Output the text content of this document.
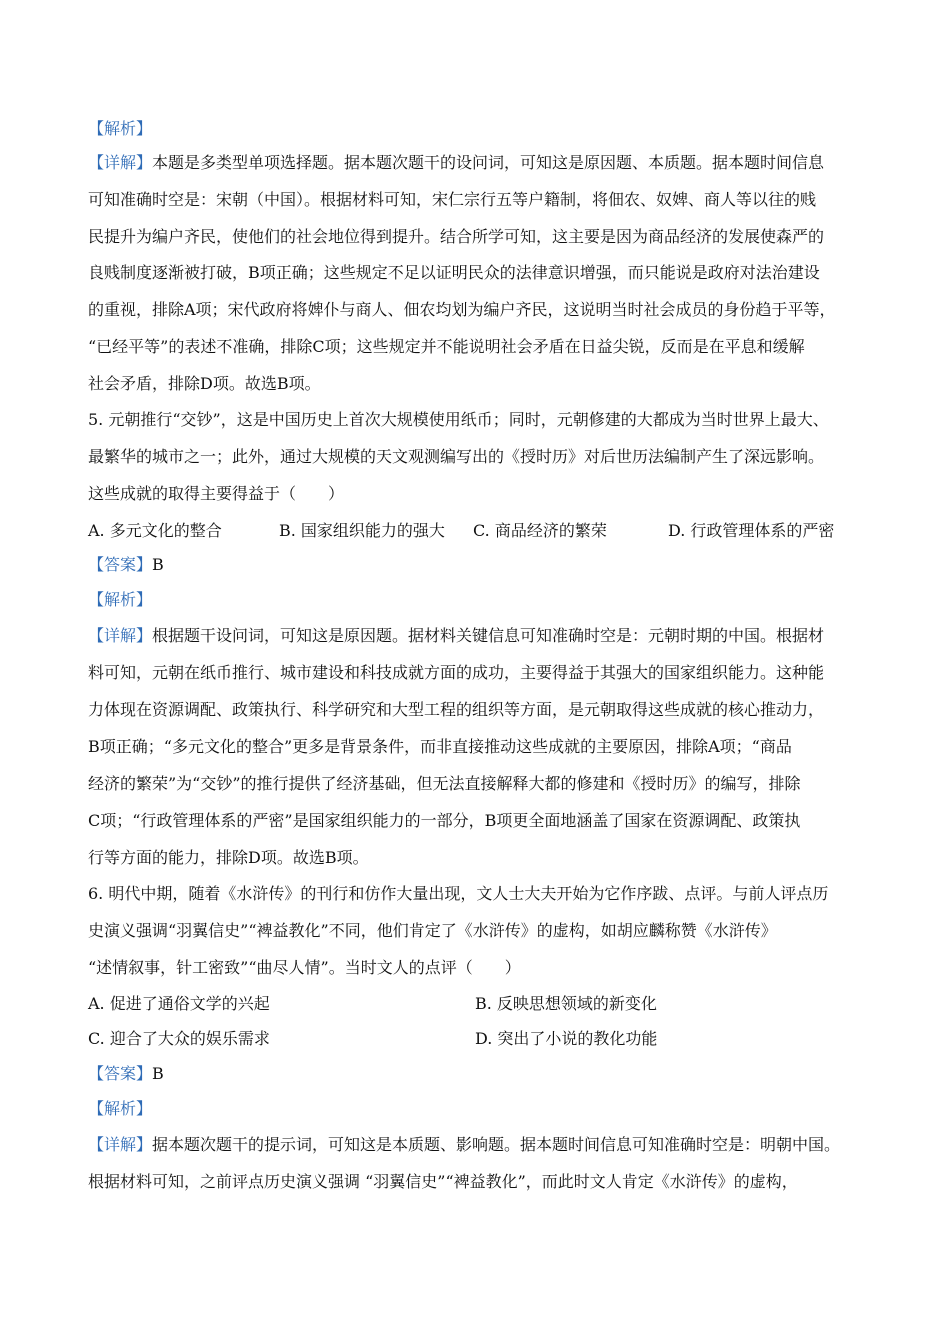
【解析】
【详解】本题是多类型单项选择题。据本题次题干的设问词，可知这是原因题、本质题。据本题时间信息
可知准确时空是：宋朝（中国）。根据材料可知，宋仁宗行五等户籍制，将佃农、奴婢、商人等以往的贱
民提升为编户齐民，使他们的社会地位得到提升。结合所学可知，这主要是因为商品经济的发展使森严的
良贱制度逐渐被打破，B项正确；这些规定不足以证明民众的法律意识增强，而只能说是政府对法治建设
的重视，排除A项；宋代政府将婢仆与商人、佃农均划为编户齐民，这说明当时社会成员的身份趋于平等，
“已经平等”的表述不准确，排除C项；这些规定并不能说明社会矛盾在日益尖锐，反而是在平息和缓解
社会矛盾，排除D项。故选B项。
5. 元朝推行“交钞”，这是中国历史上首次大规模使用纸币；同时，元朝修建的大都成为当时世界上最大、
最繁华的城市之一；此外，通过大规模的天文观测编写出的《授时历》对后世历法编制产生了深远影响。
这些成就的取得主要得益于（　　）
A. 多元文化的整合	B. 国家组织能力的强大 C. 商品经济的繁荣	D. 行政管理体系的严密
【答案】B
【解析】
【详解】根据题干设问词，可知这是原因题。据材料关键信息可知准确时空是：元朝时期的中国。根据材
料可知，元朝在纸币推行、城市建设和科技成就方面的成功，主要得益于其强大的国家组织能力。这种能
力体现在资源调配、政策执行、科学研究和大型工程的组织等方面，是元朝取得这些成就的核心推动力，
B项正确；“多元文化的整合”更多是背景条件，而非直接推动这些成就的主要原因，排除A项；“商品
经济的繁荣”为“交钞”的推行提供了经济基础，但无法直接解释大都的修建和《授时历》的编写，排除
C项；“行政管理体系的严密”是国家组织能力的一部分，B项更全面地涵盖了国家在资源调配、政策执
行等方面的能力，排除D项。故选B项。
6. 明代中期，随着《水浒传》的刊行和仿作大量出现，文人士大夫开始为它作序跋、点评。与前人评点历
史演义强调“羽翼信史”“裨益教化”不同，他们肯定了《水浒传》的虚构，如胡应麟称赞《水浒传》
“述情叙事，针工密致”“曲尽人情”。当时文人的点评（　　）
A. 促进了通俗文学的兴起	B. 反映思想领域的新变化
C. 迎合了大众的娱乐需求	D. 突出了小说的教化功能
【答案】B
【解析】
【详解】据本题次题干的提示词，可知这是本质题、影响题。据本题时间信息可知准确时空是：明朝中国。
根据材料可知，之前评点历史演义强调 “羽翼信史”“裨益教化”，而此时文人肯定《水浒传》的虚构，
